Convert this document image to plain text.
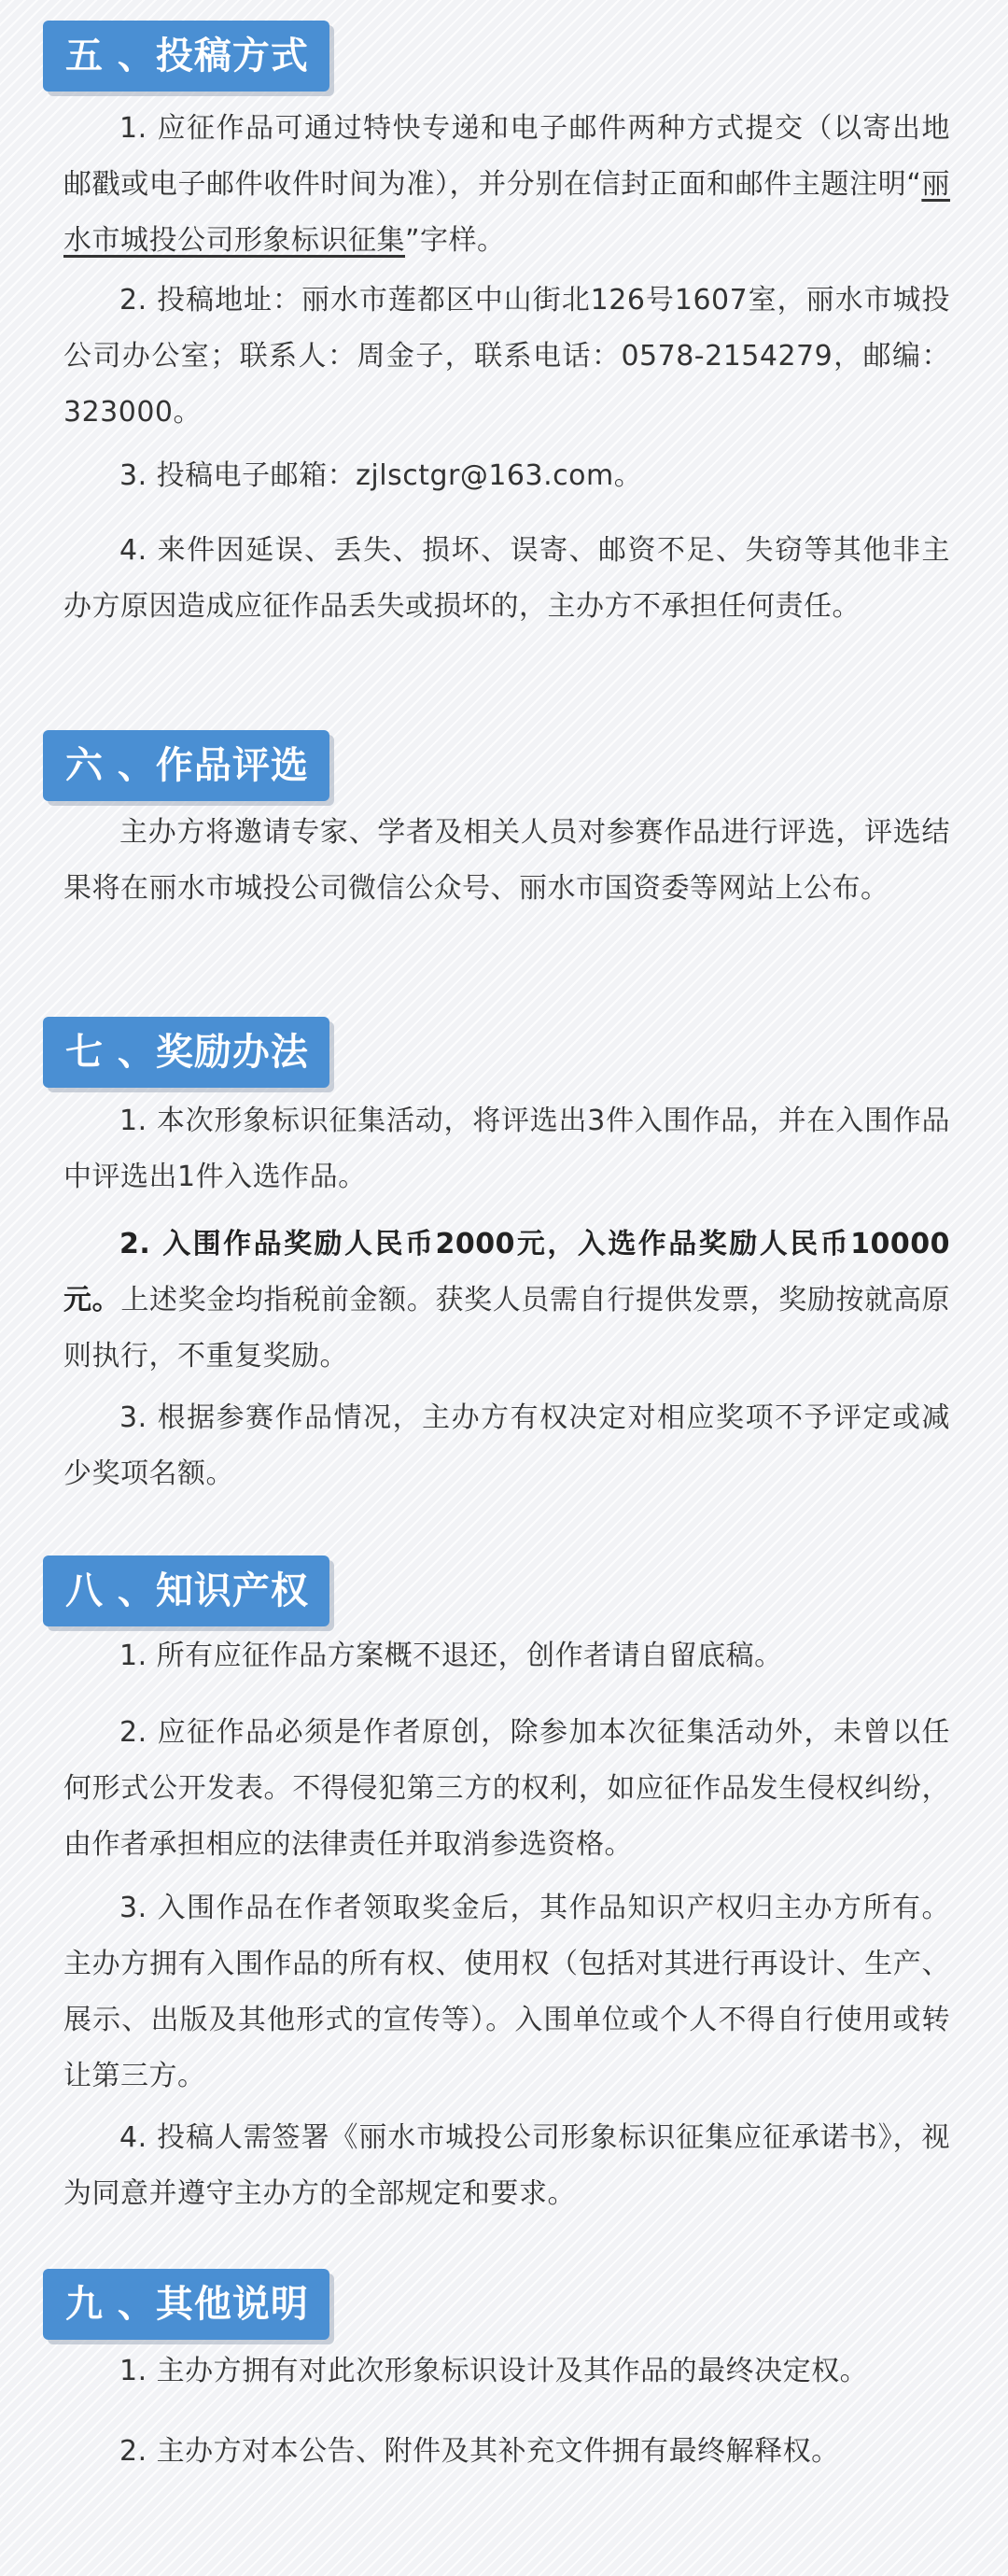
五 、投稿方式

1. 应征作品可通过特快专递和电子邮件两种方式提交（以寄出地邮戳或电子邮件收件时间为准），并分别在信封正面和邮件主题注明“丽水市城投公司形象标识征集”字样。

2. 投稿地址：丽水市莲都区中山街北126号1607室，丽水市城投公司办公室；联系人：周金子，联系电话：0578-2154279，邮编：323000。

3. 投稿电子邮箱：zjlsctgr@163.com。

4. 来件因延误、丢失、损坏、误寄、邮资不足、失窃等其他非主办方原因造成应征作品丢失或损坏的，主办方不承担任何责任。

六 、作品评选

主办方将邀请专家、学者及相关人员对参赛作品进行评选，评选结果将在丽水市城投公司微信公众号、丽水市国资委等网站上公布。

七 、奖励办法

1. 本次形象标识征集活动，将评选出3件入围作品，并在入围作品中评选出1件入选作品。

2. 入围作品奖励人民币2000元，入选作品奖励人民币10000元。上述奖金均指税前金额。获奖人员需自行提供发票，奖励按就高原则执行，不重复奖励。

3. 根据参赛作品情况，主办方有权决定对相应奖项不予评定或减少奖项名额。

八 、知识产权

1. 所有应征作品方案概不退还，创作者请自留底稿。

2. 应征作品必须是作者原创，除参加本次征集活动外，未曾以任何形式公开发表。不得侵犯第三方的权利，如应征作品发生侵权纠纷，由作者承担相应的法律责任并取消参选资格。

3. 入围作品在作者领取奖金后，其作品知识产权归主办方所有。主办方拥有入围作品的所有权、使用权（包括对其进行再设计、生产、展示、出版及其他形式的宣传等）。入围单位或个人不得自行使用或转让第三方。

4. 投稿人需签署《丽水市城投公司形象标识征集应征承诺书》，视为同意并遵守主办方的全部规定和要求。

九 、其他说明

1. 主办方拥有对此次形象标识设计及其作品的最终决定权。

2. 主办方对本公告、附件及其补充文件拥有最终解释权。
